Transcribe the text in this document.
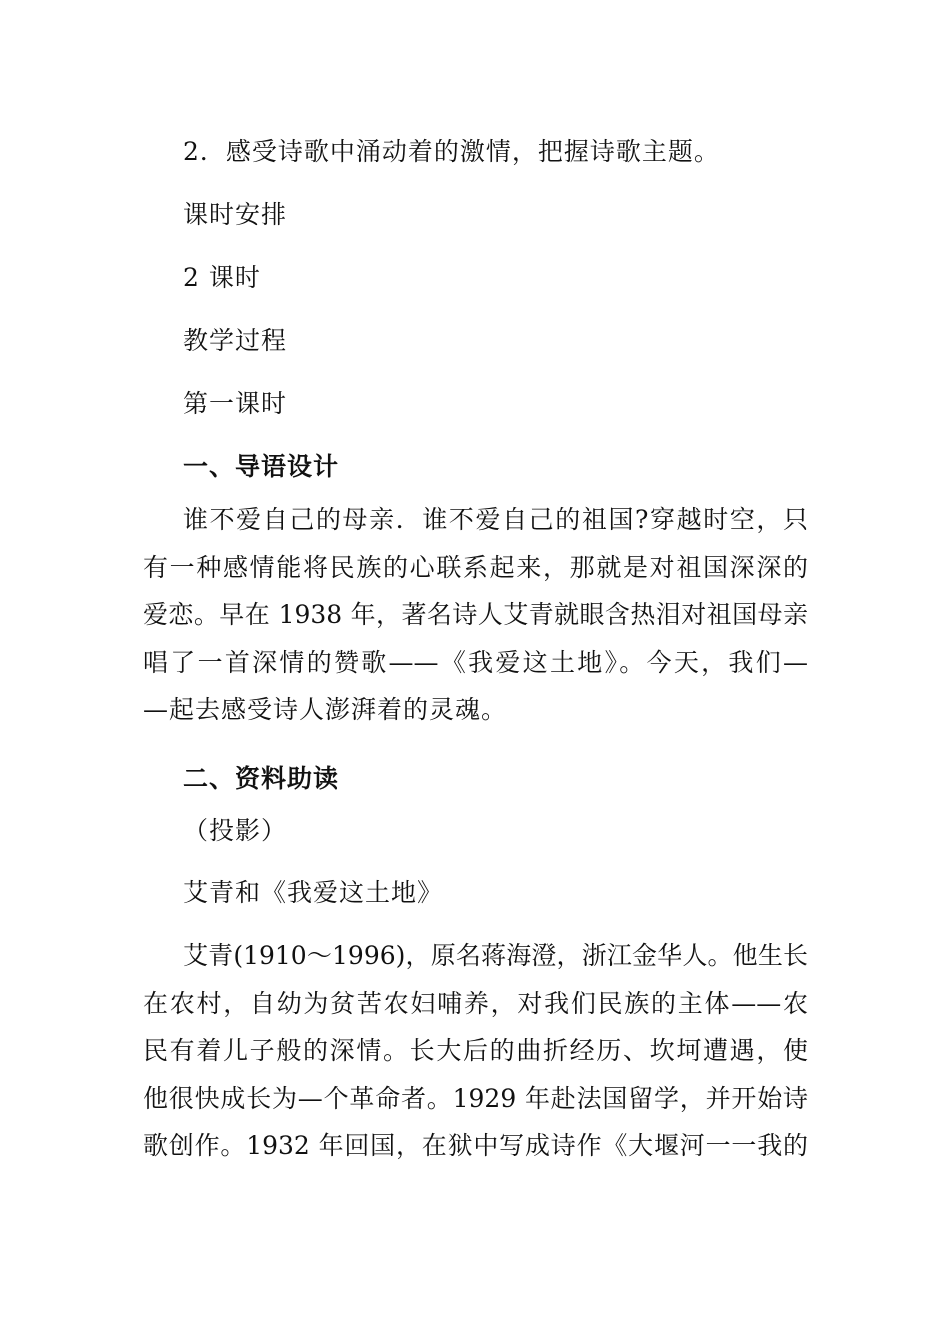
2．感受诗歌中涌动着的激情，把握诗歌主题。
课时安排
2 课时
教学过程
第一课时
一、导语设计
谁不爱自己的母亲．谁不爱自己的祖国?穿越时空，只
有一种感情能将民族的心联系起来，那就是对祖国深深的
爱恋。早在 1938 年，著名诗人艾青就眼含热泪对祖国母亲
唱了一首深情的赞歌——《我爱这土地》。今天，我们—
—起去感受诗人澎湃着的灵魂。
二、资料助读
（投影）
艾青和《我爱这土地》
艾青(1910～1996)，原名蒋海澄，浙江金华人。他生长
在农村，自幼为贫苦农妇哺养，对我们民族的主体——农
民有着儿子般的深情。长大后的曲折经历、坎坷遭遇，使
他很快成长为—个革命者。1929 年赴法国留学，并开始诗
歌创作。1932 年回国，在狱中写成诗作《大堰河一一我的
